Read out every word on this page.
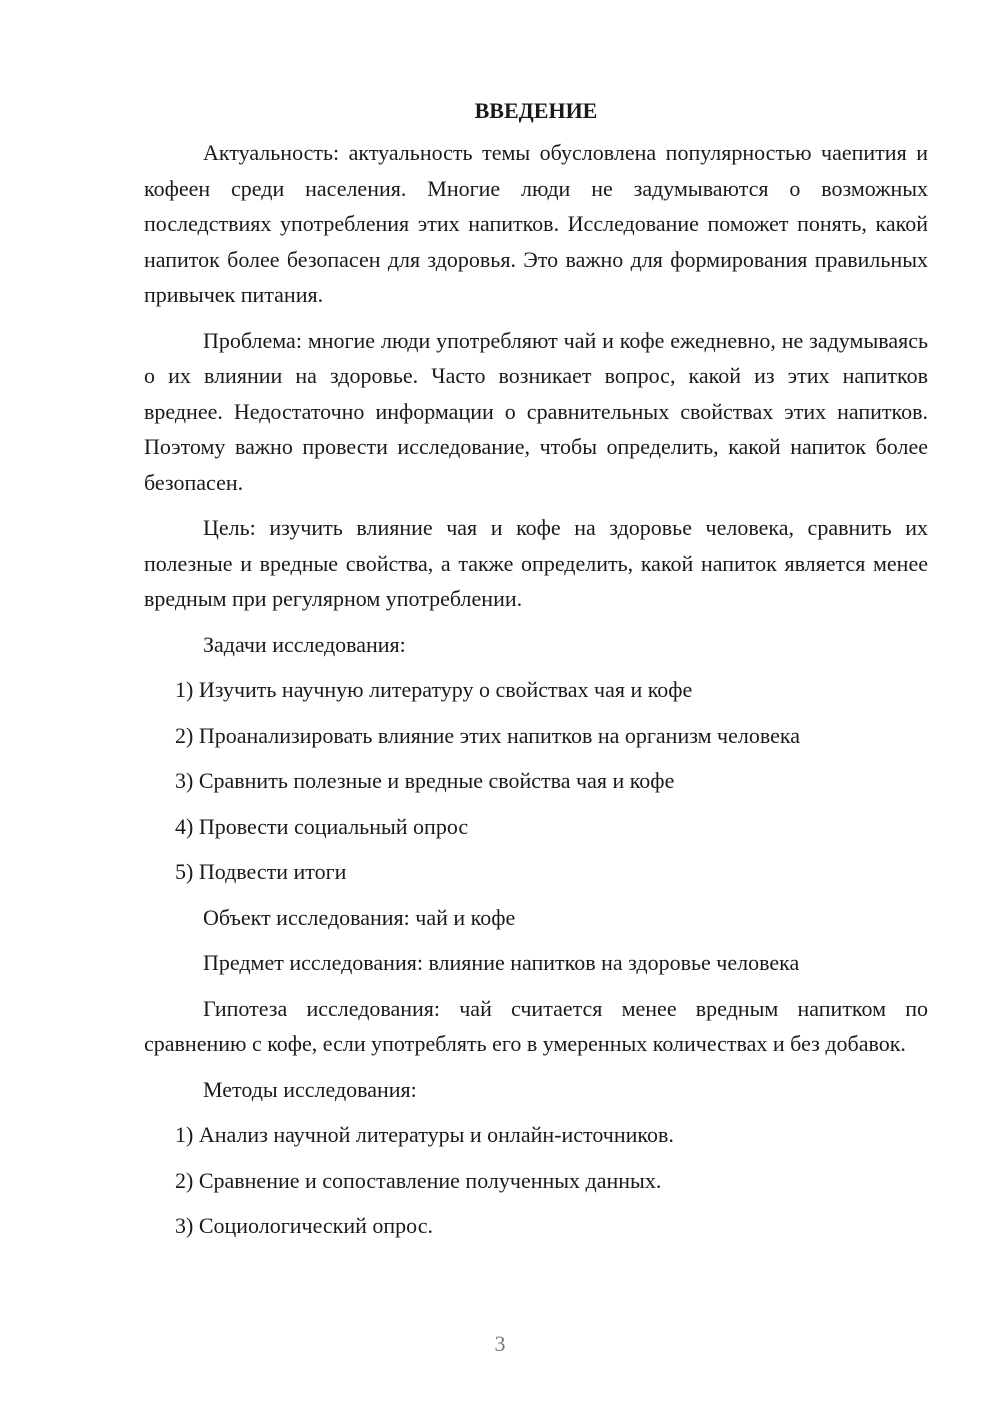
ВВЕДЕНИЕ

Актуальность: актуальность темы обусловлена популярностью чаепития и кофеен среди населения. Многие люди не задумываются о возможных последствиях употребления этих напитков. Исследование поможет понять, какой напиток более безопасен для здоровья. Это важно для формирования правильных привычек питания.

Проблема: многие люди употребляют чай и кофе ежедневно, не задумываясь о их влиянии на здоровье. Часто возникает вопрос, какой из этих напитков вреднее. Недостаточно информации о сравнительных свойствах этих напитков. Поэтому важно провести исследование, чтобы определить, какой напиток более безопасен.

Цель: изучить влияние чая и кофе на здоровье человека, сравнить их полезные и вредные свойства, а также определить, какой напиток является менее вредным при регулярном употреблении.

Задачи исследования:
1) Изучить научную литературу о свойствах чая и кофе
2) Проанализировать влияние этих напитков на организм человека
3) Сравнить полезные и вредные свойства чая и кофе
4) Провести социальный опрос
5) Подвести итоги
Объект исследования: чай и кофе
Предмет исследования: влияние напитков на здоровье человека

Гипотеза исследования: чай считается менее вредным напитком по сравнению с кофе, если употреблять его в умеренных количествах и без добавок.

Методы исследования:
1) Анализ научной литературы и онлайн-источников.
2) Сравнение и сопоставление полученных данных.
3) Социологический опрос.
3
